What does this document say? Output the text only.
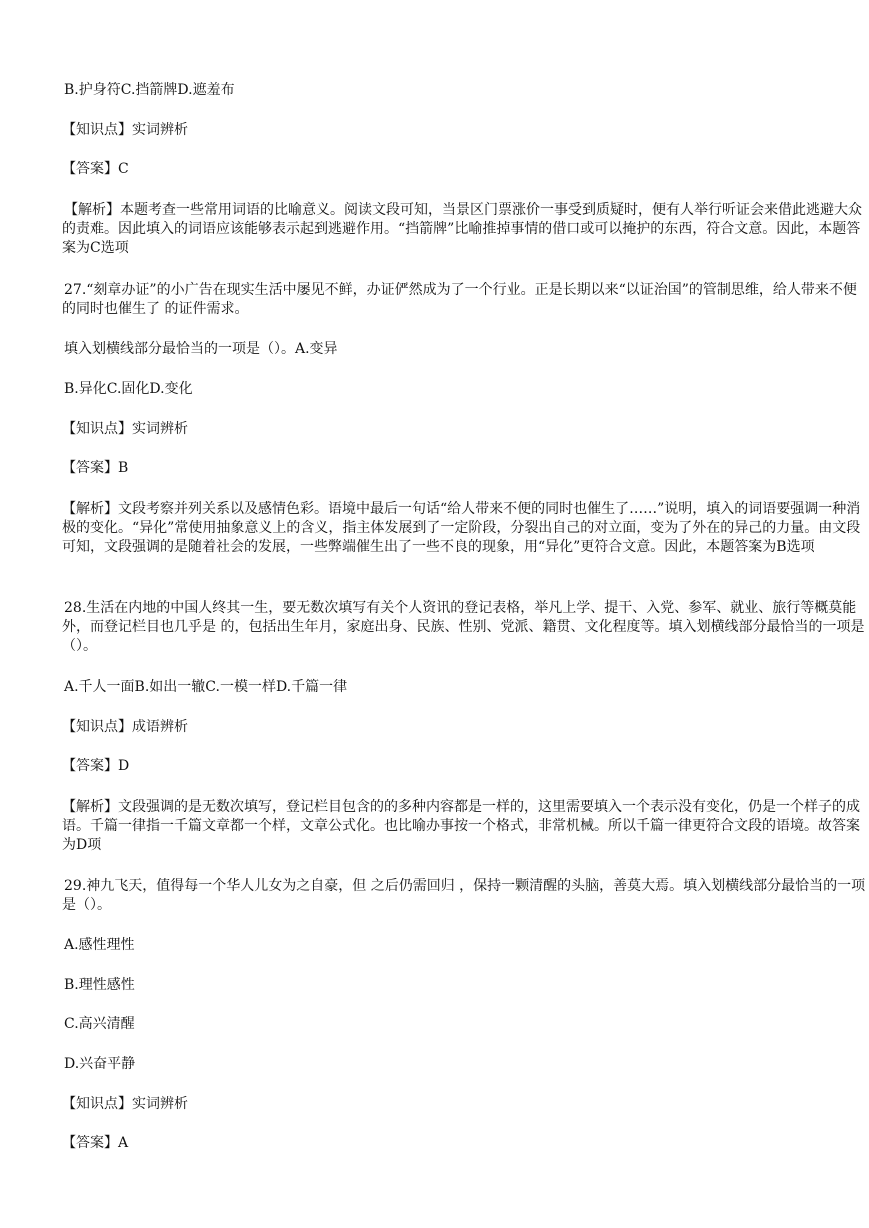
B.护身符C.挡箭牌D.遮羞布

【知识点】实词辨析

【答案】C

【解析】本题考查一些常用词语的比喻意义。阅读文段可知，当景区门票涨价一事受到质疑时，便有人举行听证会来借此逃避大众的责难。因此填入的词语应该能够表示起到逃避作用。“挡箭牌”比喻推掉事情的借口或可以掩护的东西，符合文意。因此，本题答案为C选项

27.“刻章办证”的小广告在现实生活中屡见不鲜，办证俨然成为了一个行业。正是长期以来“以证治国”的管制思维，给人带来不便的同时也催生了 的证件需求。

填入划横线部分最恰当的一项是（）。A.变异

B.异化C.固化D.变化

【知识点】实词辨析

【答案】B

【解析】文段考察并列关系以及感情色彩。语境中最后一句话“给人带来不便的同时也催生了……”说明，填入的词语要强调一种消极的变化。“异化”常使用抽象意义上的含义，指主体发展到了一定阶段，分裂出自己的对立面，变为了外在的异己的力量。由文段可知，文段强调的是随着社会的发展，一些弊端催生出了一些不良的现象，用“异化”更符合文意。因此，本题答案为B选项

28.生活在内地的中国人终其一生，要无数次填写有关个人资讯的登记表格，举凡上学、提干、入党、参军、就业、旅行等概莫能外，而登记栏目也几乎是 的，包括出生年月，家庭出身、民族、性别、党派、籍贯、文化程度等。填入划横线部分最恰当的一项是（）。

A.千人一面B.如出一辙C.一模一样D.千篇一律

【知识点】成语辨析

【答案】D

【解析】文段强调的是无数次填写，登记栏目包含的的多种内容都是一样的，这里需要填入一个表示没有变化，仍是一个样子的成语。千篇一律指一千篇文章都一个样，文章公式化。也比喻办事按一个格式，非常机械。所以千篇一律更符合文段的语境。故答案为D项

29.神九飞天，值得每一个华人儿女为之自豪，但 之后仍需回归 ，保持一颗清醒的头脑，善莫大焉。填入划横线部分最恰当的一项是（）。

A.感性理性

B.理性感性

C.高兴清醒

D.兴奋平静

【知识点】实词辨析

【答案】A
